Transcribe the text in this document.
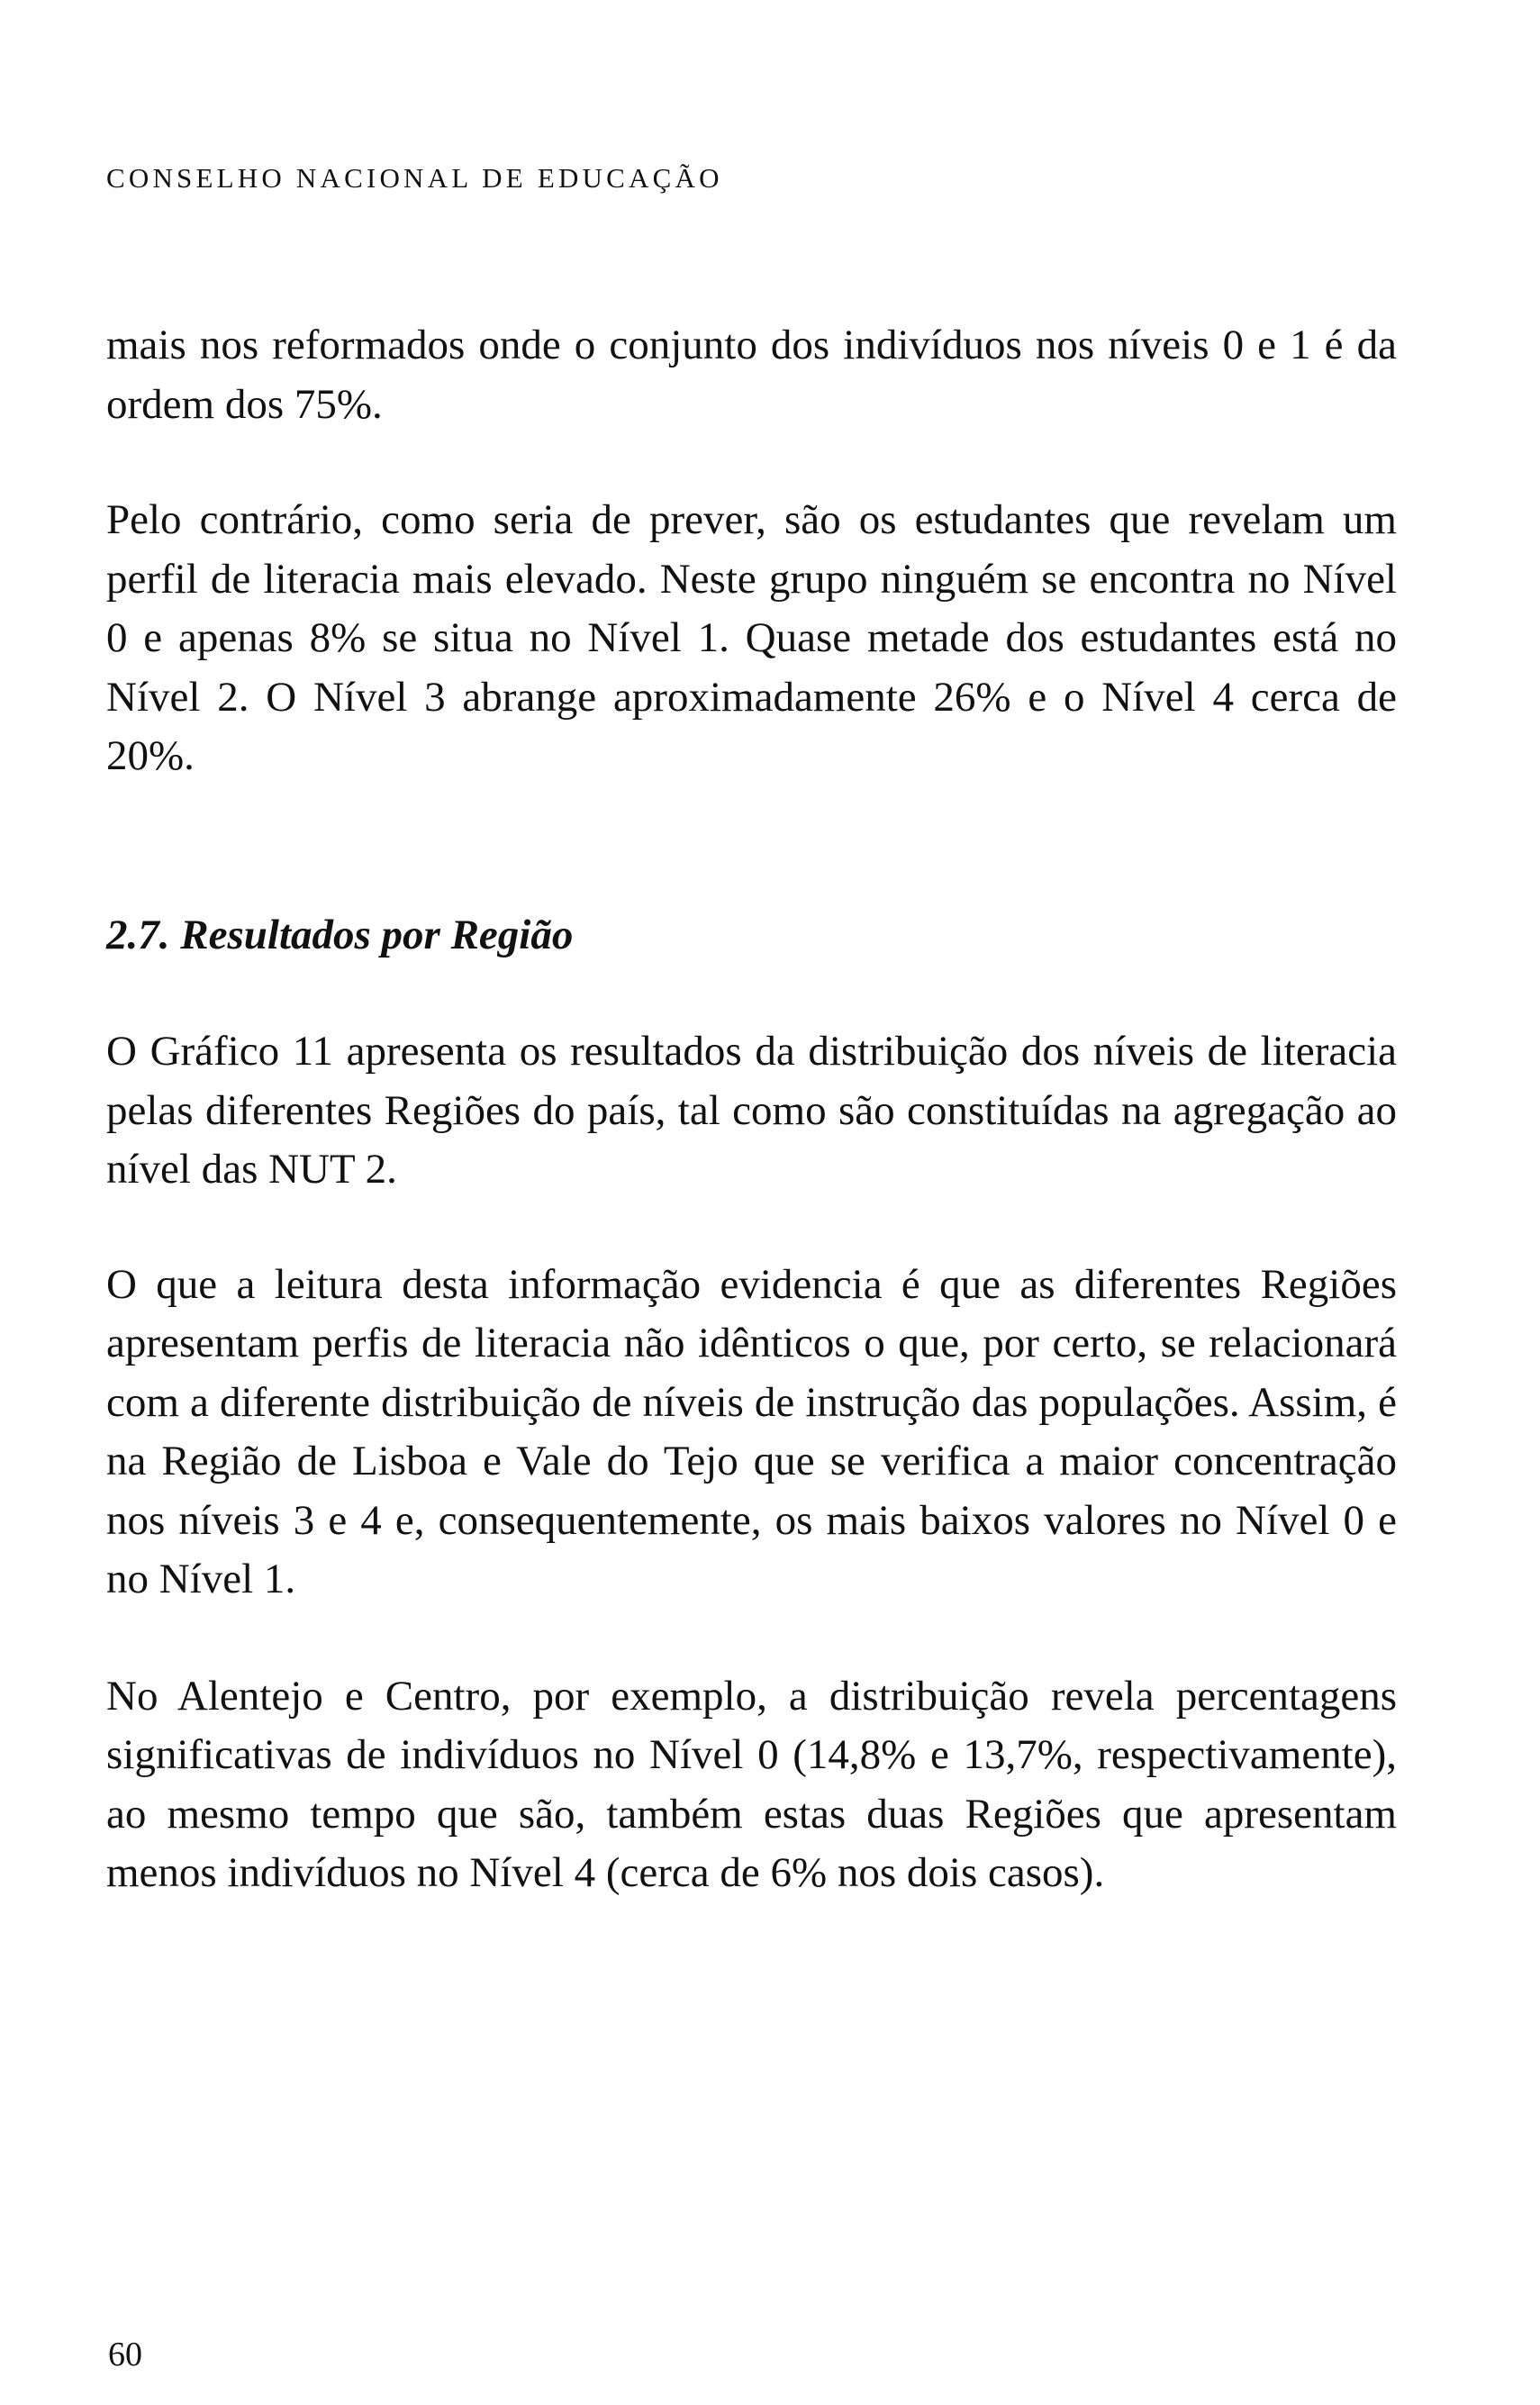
CONSELHO NACIONAL DE EDUCAÇÃO

mais nos reformados onde o conjunto dos indivíduos nos níveis 0 e 1 é da ordem dos 75%.

Pelo contrário, como seria de prever, são os estudantes que revelam um perfil de literacia mais elevado. Neste grupo ninguém se encontra no Nível 0 e apenas 8% se situa no Nível 1. Quase metade dos estudantes está no Nível 2. O Nível 3 abrange aproximadamente 26% e o Nível 4 cerca de 20%.

2.7. Resultados por Região

O Gráfico 11 apresenta os resultados da distribuição dos níveis de literacia pelas diferentes Regiões do país, tal como são constituídas na agregação ao nível das NUT 2.

O que a leitura desta informação evidencia é que as diferentes Regiões apresentam perfis de literacia não idênticos o que, por certo, se relacionará com a diferente distribuição de níveis de instrução das populações. Assim, é na Região de Lisboa e Vale do Tejo que se verifica a maior concentração nos níveis 3 e 4 e, consequentemente, os mais baixos valores no Nível 0 e no Nível 1.

No Alentejo e Centro, por exemplo, a distribuição revela percentagens significativas de indivíduos no Nível 0 (14,8% e 13,7%, respectivamente), ao mesmo tempo que são, também estas duas Regiões que apresentam menos indivíduos no Nível 4 (cerca de 6% nos dois casos).

60
